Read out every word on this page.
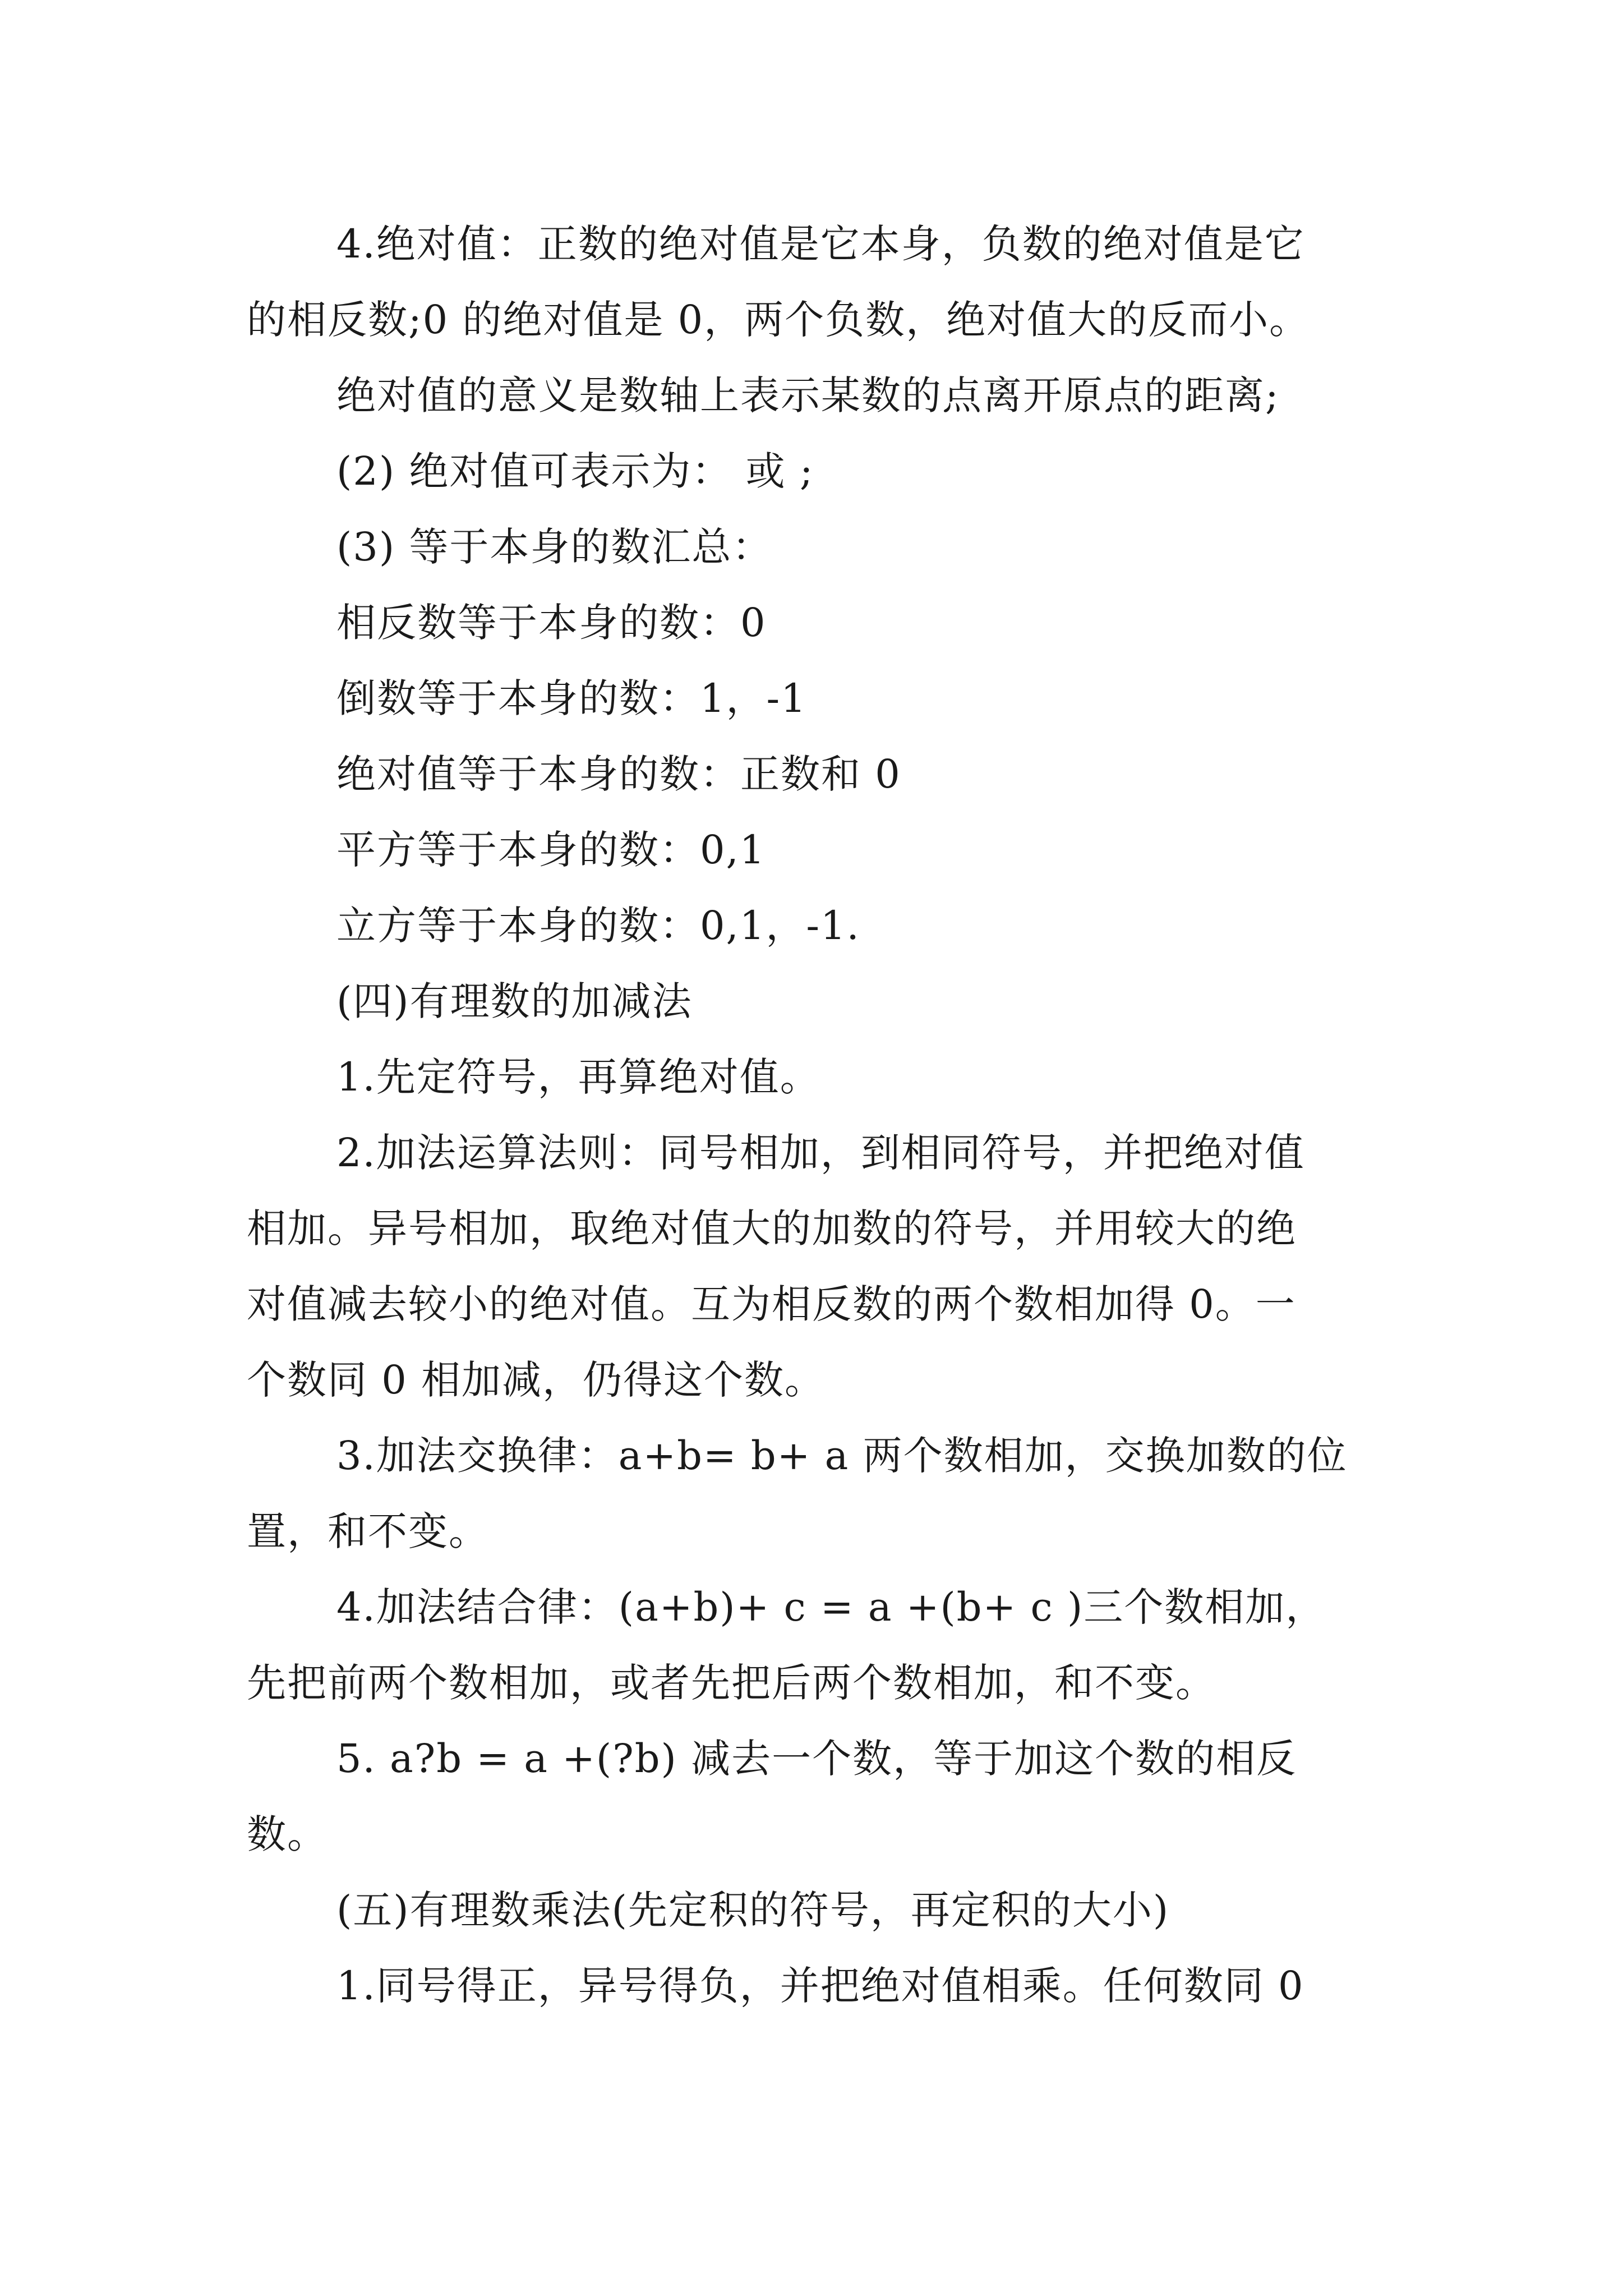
4.绝对值：正数的绝对值是它本身，负数的绝对值是它
的相反数;0 的绝对值是 0，两个负数，绝对值大的反而小。
绝对值的意义是数轴上表示某数的点离开原点的距离;
(2) 绝对值可表示为： 或 ;
(3) 等于本身的数汇总：
相反数等于本身的数：0
倒数等于本身的数：1，-1
绝对值等于本身的数：正数和 0
平方等于本身的数：0,1
立方等于本身的数：0,1，-1.
(四)有理数的加减法
1.先定符号，再算绝对值。
2.加法运算法则：同号相加，到相同符号，并把绝对值
相加。异号相加，取绝对值大的加数的符号，并用较大的绝
对值减去较小的绝对值。互为相反数的两个数相加得 0。一
个数同 0 相加减，仍得这个数。
3.加法交换律：a+b= b+ a 两个数相加，交换加数的位
置，和不变。
4.加法结合律：(a+b)+ c = a +(b+ c )三个数相加，
先把前两个数相加，或者先把后两个数相加，和不变。
5. a?b = a +(?b) 减去一个数，等于加这个数的相反
数。
(五)有理数乘法(先定积的符号，再定积的大小)
1.同号得正，异号得负，并把绝对值相乘。任何数同 0
